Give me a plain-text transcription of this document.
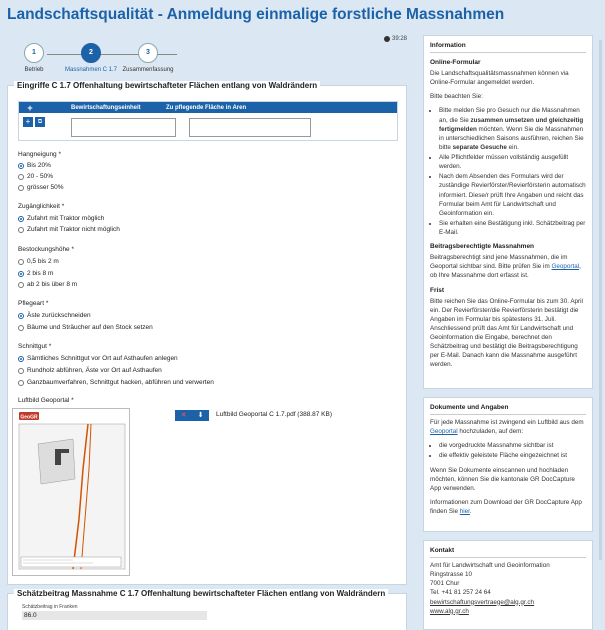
Landschaftsqualität - Anmeldung einmalige forstliche Massnahmen
1
Betrieb
2
Massnahmen C 1.7
3
Zusammenfassung
39:28
Eingriffe C 1.7 Offenhaltung bewirtschafteter Flächen entlang von Waldrändern
+	Bewirtschaftungseinheit	Zu pflegende Fläche in Aren
+	⧉
Hangneigung *
Bis 20%
20 - 50%
grösser 50%
Zugänglichkeit *
Zufahrt mit Traktor möglich
Zufahrt mit Traktor nicht möglich
Bestockungshöhe *
0,5 bis 2 m
2 bis 8 m
ab 2 bis über 8 m
Pflegeart *
Äste zurückschneiden
Bäume und Sträucher auf den Stock setzen
Schnittgut *
Sämtliches Schnittgut vor Ort auf Asthaufen anlegen
Rundholz abführen, Äste vor Ort auf Asthaufen
Ganzbaumverfahren, Schnittgut hacken, abführen und verwerten
Luftbild Geoportal *
GeoGR	✕	⬇	Luftbild Geoportal C 1.7.pdf (388.87 KB)
Schätzbeitrag Massnahme C 1.7 Offenhaltung bewirtschafteter Flächen entlang von Waldrändern
Schätzbeitrag in Franken
86.0
Information
Online-Formular

Die Landschaftsqualitätsmassnahmen können via Online-Formular angemeldet werden.

Bitte beachten Sie:

• Bitte melden Sie pro Gesuch nur die Massnahmen an, die Sie zusammen umsetzen und gleichzeitig fertigmelden möchten. Wenn Sie die Massnahmen in unterschiedlichen Saisons ausführen, reichen Sie bitte separate Gesuche ein.
• Alle Pflichtfelder müssen vollständig ausgefüllt werden.
• Nach dem Absenden des Formulars wird der zuständige Revierförster/Revierförsterin automatisch informiert. Diese/r prüft Ihre Angaben und reicht das Formular beim Amt für Landwirtschaft und Geoinformation ein.
• Sie erhalten eine Bestätigung inkl. Schätzbeitrag per E-Mail.
Beitragsberechtigte Massnahmen

Beitragsberechtigt sind jene Massnahmen, die im Geoportal sichtbar sind. Bitte prüfen Sie im Geoportal, ob Ihre Massnahme dort erfasst ist.

Frist

Bitte reichen Sie das Online-Formular bis zum 30. April ein. Der Revierförster/die Revierförsterin bestätigt die Angaben im Formular bis spätestens 31. Juli. Anschliessend prüft das Amt für Landwirtschaft und Geoinformation die Eingabe, berechnet den Schätzbeitrag und bestätigt die Beitragsberechtigung per E-Mail. Danach kann die Massnahme ausgeführt werden.

Dokumente und Angaben

Für jede Massnahme ist zwingend ein Luftbild aus dem Geoportal hochzuladen, auf dem:

• die vorgedruckte Massnahme sichtbar ist
• die effektiv geleistete Fläche eingezeichnet ist

Wenn Sie Dokumente einscannen und hochladen möchten, können Sie die kantonale GR DocCapture App verwenden.

Informationen zum Download der GR DocCapture App finden Sie hier.

Kontakt

Amt für Landwirtschaft und Geoinformation

Ringstrasse 10

7001 Chur

Tel. +41 81 257 24 64

bewirtschaftungsvertraege@alg.gr.ch

www.alg.gr.ch
